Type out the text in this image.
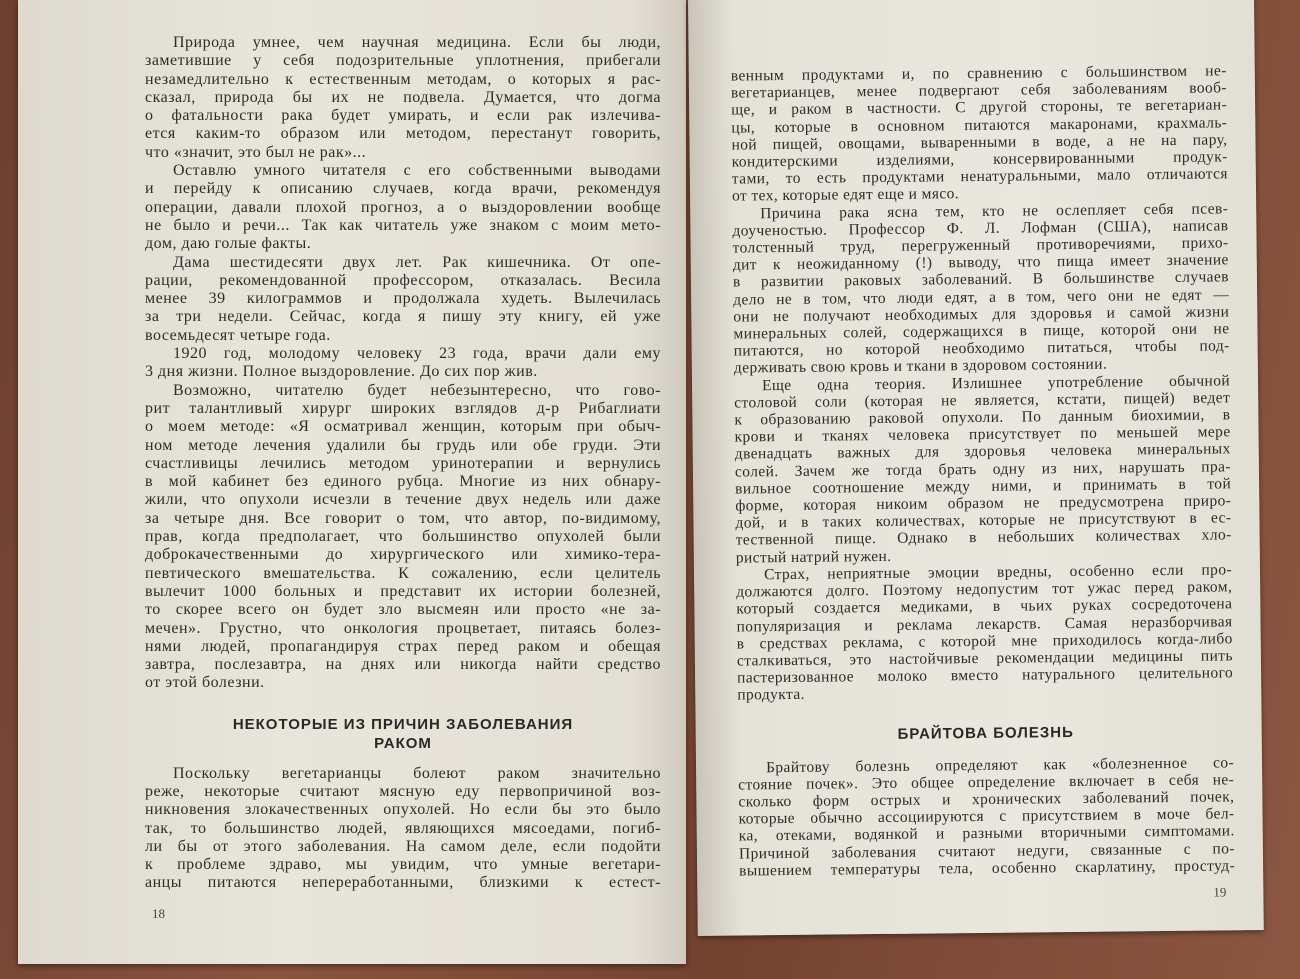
Природа умнее, чем научная медицина. Если бы люди,
заметившие у себя подозрительные уплотнения, прибегали
незамедлительно к естественным методам, о которых я рас-
сказал, природа бы их не подвела. Думается, что догма
о фатальности рака будет умирать, и если рак излечива-
ется каким-то образом или методом, перестанут говорить,
что «значит, это был не рак»...
Оставлю умного читателя с его собственными выводами
и перейду к описанию случаев, когда врачи, рекомендуя
операции, давали плохой прогноз, а о выздоровлении вообще
не было и речи... Так как читатель уже знаком с моим мето-
дом, даю голые факты.
Дама шестидесяти двух лет. Рак кишечника. От опе-
рации, рекомендованной профессором, отказалась. Весила
менее 39 килограммов и продолжала худеть. Вылечилась
за три недели. Сейчас, когда я пишу эту книгу, ей уже
восемьдесят четыре года.
1920 год, молодому человеку 23 года, врачи дали ему
3 дня жизни. Полное выздоровление. До сих пор жив.
Возможно, читателю будет небезынтересно, что гово-
рит талантливый хирург широких взглядов д-р Рибаглиати
о моем методе: «Я осматривал женщин, которым при обыч-
ном методе лечения удалили бы грудь или обе груди. Эти
счастливицы лечились методом уринотерапии и вернулись
в мой кабинет без единого рубца. Многие из них обнару-
жили, что опухоли исчезли в течение двух недель или даже
за четыре дня. Все говорит о том, что автор, по-видимому,
прав, когда предполагает, что большинство опухолей были
доброкачественными до хирургического или химико-тера-
певтического вмешательства. К сожалению, если целитель
вылечит 1000 больных и представит их истории болезней,
то скорее всего он будет зло высмеян или просто «не за-
мечен». Грустно, что онкология процветает, питаясь болез-
нями людей, пропагандируя страх перед раком и обещая
завтра, послезавтра, на днях или никогда найти средство
от этой болезни.
НЕКОТОРЫЕ ИЗ ПРИЧИН ЗАБОЛЕВАНИЯ
РАКОМ
Поскольку вегетарианцы болеют раком значительно
реже, некоторые считают мясную еду первопричиной воз-
никновения злокачественных опухолей. Но если бы это было
так, то большинство людей, являющихся мясоедами, погиб-
ли бы от этого заболевания. На самом деле, если подойти
к проблеме здраво, мы увидим, что умные вегетари-
анцы питаются непереработанными, близкими к естест-
18
венным продуктами и, по сравнению с большинством не-
вегетарианцев, менее подвергают себя заболеваниям вооб-
ще, и раком в частности. С другой стороны, те вегетариан-
цы, которые в основном питаются макаронами, крахмаль-
ной пищей, овощами, вываренными в воде, а не на пару,
кондитерскими изделиями, консервированными продук-
тами, то есть продуктами ненатуральными, мало отличаются
от тех, которые едят еще и мясо.
Причина рака ясна тем, кто не ослепляет себя псев-
доученостью. Профессор Ф. Л. Лофман (США), написав
толстенный труд, перегруженный противоречиями, прихо-
дит к неожиданному (!) выводу, что пища имеет значение
в развитии раковых заболеваний. В большинстве случаев
дело не в том, что люди едят, а в том, чего они не едят —
они не получают необходимых для здоровья и самой жизни
минеральных солей, содержащихся в пище, которой они не
питаются, но которой необходимо питаться, чтобы под-
держивать свою кровь и ткани в здоровом состоянии.
Еще одна теория. Излишнее употребление обычной
столовой соли (которая не является, кстати, пищей) ведет
к образованию раковой опухоли. По данным биохимии, в
крови и тканях человека присутствует по меньшей мере
двенадцать важных для здоровья человека минеральных
солей. Зачем же тогда брать одну из них, нарушать пра-
вильное соотношение между ними, и принимать в той
форме, которая никоим образом не предусмотрена приро-
дой, и в таких количествах, которые не присутствуют в ес-
тественной пище. Однако в небольших количествах хло-
ристый натрий нужен.
Страх, неприятные эмоции вредны, особенно если про-
должаются долго. Поэтому недопустим тот ужас перед раком,
который создается медиками, в чьих руках сосредоточена
популяризация и реклама лекарств. Самая неразборчивая
в средствах реклама, с которой мне приходилось когда-либо
сталкиваться, это настойчивые рекомендации медицины пить
пастеризованное молоко вместо натурального целительного
продукта.
БРАЙТОВА БОЛЕЗНЬ
Брайтову болезнь определяют как «болезненное со-
стояние почек». Это общее определение включает в себя не-
сколько форм острых и хронических заболеваний почек,
которые обычно ассоциируются с присутствием в моче бел-
ка, отеками, водянкой и разными вторичными симптомами.
Причиной заболевания считают недуги, связанные с по-
вышением температуры тела, особенно скарлатину, простуд-
19
